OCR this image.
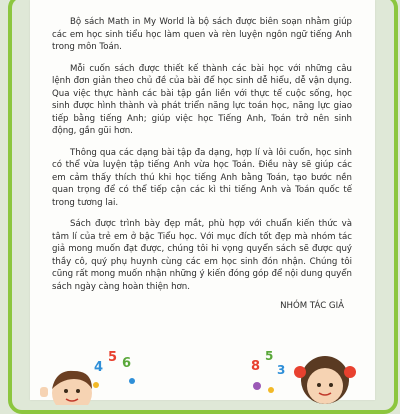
Bộ sách Math in My World là bộ sách được biên soạn nhằm giúp các em học sinh tiểu học làm quen và rèn luyện ngôn ngữ tiếng Anh trong môn Toán.

Mỗi cuốn sách được thiết kế thành các bài học với những câu lệnh đơn giản theo chủ đề của bài để học sinh dễ hiểu, dễ vận dụng. Qua việc thực hành các bài tập gắn liền với thực tế cuộc sống, học sinh được hình thành và phát triển năng lực toán học, năng lực giao tiếp bằng tiếng Anh; giúp việc học Tiếng Anh, Toán trở nên sinh động, gần gũi hơn.

Thông qua các dạng bài tập đa dạng, hợp lí và lôi cuốn, học sinh có thể vừa luyện tập tiếng Anh vừa học Toán. Điều này sẽ giúp các em cảm thấy thích thú khi học tiếng Anh bằng Toán, tạo bước nền quan trọng để có thể tiếp cận các kì thi tiếng Anh và Toán quốc tế trong tương lai.

Sách được trình bày đẹp mắt, phù hợp với chuẩn kiến thức và tâm lí của trẻ em ở bậc Tiểu học. Với mục đích tốt đẹp mà nhóm tác giả mong muốn đạt được, chúng tôi hi vọng quyển sách sẽ được quý thầy cô, quý phụ huynh cùng các em học sinh đón nhận. Chúng tôi cũng rất mong muốn nhận những ý kiến đóng góp để nội dung quyển sách ngày càng hoàn thiện hơn.

NHÓM TÁC GIẢ
4
5 6	8
5
3
